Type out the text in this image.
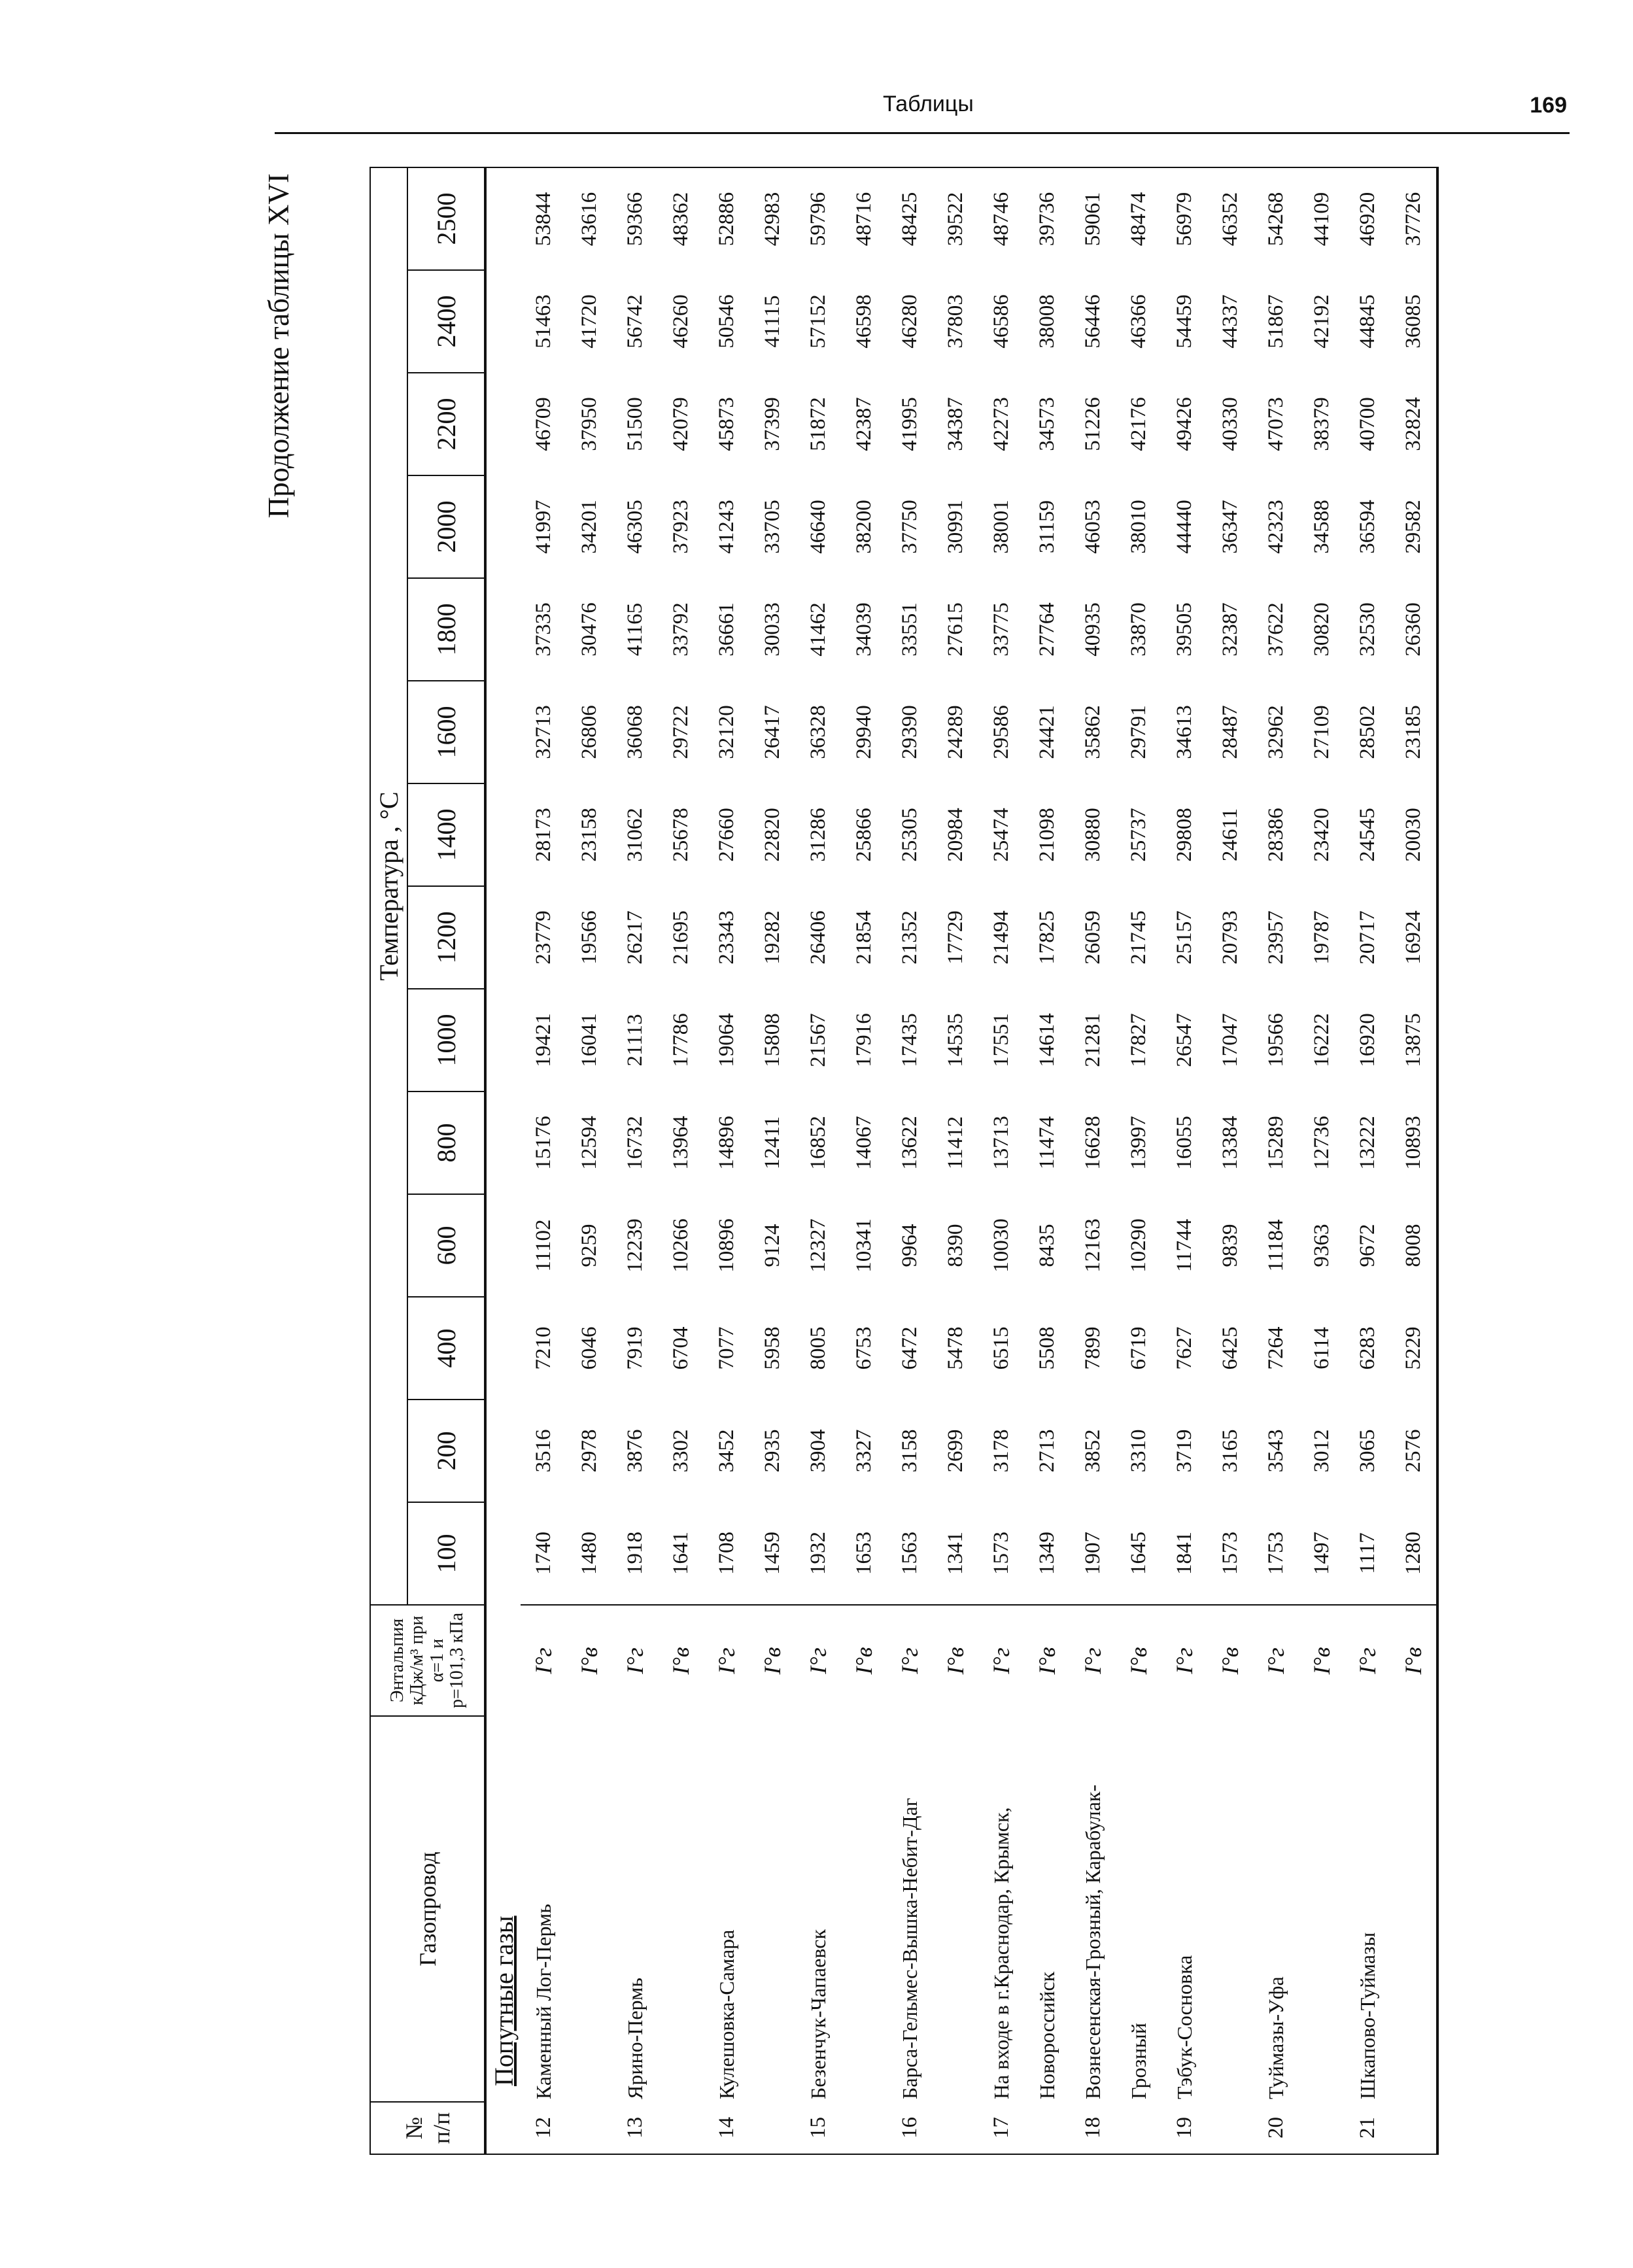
Таблицы	169
Продолжение таблицы XVI
№ п/п	Газопровод	Энтальпия кДж/м³ при α=1 и p=101,3 кПа	Температура , °C													
			100	200	400	600	800	1000	1200	1400	1600	1800	2000	2200	2400	2500
	Попутные газы															
12	Каменный Лог-Пермь	I°г	1740	3516	7210	11102	15176	19421	23779	28173	32713	37335	41997	46709	51463	53844
		I°в	1480	2978	6046	9259	12594	16041	19566	23158	26806	30476	34201	37950	41720	43616
13	Ярино-Пермь	I°г	1918	3876	7919	12239	16732	21113	26217	31062	36068	41165	46305	51500	56742	59366
		I°в	1641	3302	6704	10266	13964	17786	21695	25678	29722	33792	37923	42079	46260	48362
14	Кулешовка-Самара	I°г	1708	3452	7077	10896	14896	19064	23343	27660	32120	36661	41243	45873	50546	52886
		I°в	1459	2935	5958	9124	12411	15808	19282	22820	26417	30033	33705	37399	41115	42983
15	Безенчук-Чапаевск	I°г	1932	3904	8005	12327	16852	21567	26406	31286	36328	41462	46640	51872	57152	59796
		I°в	1653	3327	6753	10341	14067	17916	21854	25866	29940	34039	38200	42387	46598	48716
16	Барса-Гельмес-Вышка-Небит-Даг	I°г	1563	3158	6472	9964	13622	17435	21352	25305	29390	33551	37750	41995	46280	48425
		I°в	1341	2699	5478	8390	11412	14535	17729	20984	24289	27615	30991	34387	37803	39522
17	На входе в г.Краснодар, Крымск,	I°г	1573	3178	6515	10030	13713	17551	21494	25474	29586	33775	38001	42273	46586	48746
	Новороссийск	I°в	1349	2713	5508	8435	11474	14614	17825	21098	24421	27764	31159	34573	38008	39736
18	Вознесенская-Грозный, Карабулак-	I°г	1907	3852	7899	12163	16628	21281	26059	30880	35862	40935	46053	51226	56446	59061
	Грозный	I°в	1645	3310	6719	10290	13997	17827	21745	25737	29791	33870	38010	42176	46366	48474
19	Тэбук-Сосновка	I°г	1841	3719	7627	11744	16055	26547	25157	29808	34613	39505	44440	49426	54459	56979
		I°в	1573	3165	6425	9839	13384	17047	20793	24611	28487	32387	36347	40330	44337	46352
20	Туймазы-Уфа	I°г	1753	3543	7264	11184	15289	19566	23957	28386	32962	37622	42323	47073	51867	54268
		I°в	1497	3012	6114	9363	12736	16222	19787	23420	27109	30820	34588	38379	42192	44109
21	Шкапово-Туймазы	I°г	1117	3065	6283	9672	13222	16920	20717	24545	28502	32530	36594	40700	44845	46920
		I°в	1280	2576	5229	8008	10893	13875	16924	20030	23185	26360	29582	32824	36085	37726
